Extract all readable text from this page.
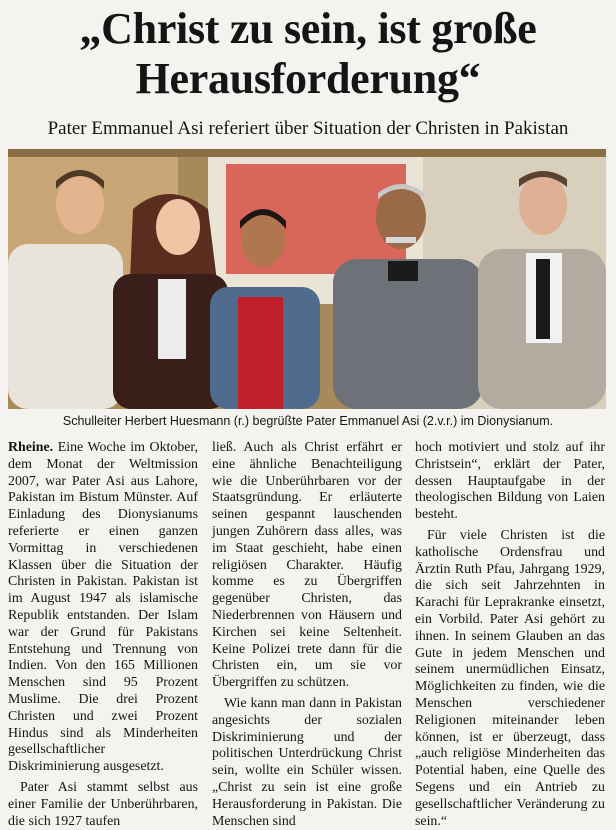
„Christ zu sein, ist große
Herausforderung“
Pater Emmanuel Asi referiert über Situation der Christen in Pakistan
Schulleiter Herbert Huesmann (r.) begrüßte Pater Emmanuel Asi (2.v.r.) im Dionysianum.

Rheine. Eine Woche im Oktober, dem Monat der Weltmission 2007, war Pater Asi aus Lahore, Pakistan im Bistum Münster. Auf Einladung des Dionysianums referierte er einen ganzen Vormittag in verschiedenen Klassen über die Situation der Christen in Pakistan. Pakistan ist im August 1947 als islamische Republik entstanden. Der Islam war der Grund für Pakistans Entstehung und Trennung von Indien. Von den 165 Millionen Menschen sind 95 Prozent Muslime. Die drei Prozent Christen und zwei Prozent Hindus sind als Minderheiten gesellschaftlicher Diskriminierung ausgesetzt.

Pater Asi stammt selbst aus einer Familie der Unberührbaren, die sich 1927 taufen

ließ. Auch als Christ erfährt er eine ähnliche Benachteiligung wie die Unberührbaren vor der Staatsgründung. Er erläuterte seinen gespannt lauschenden jungen Zuhörern dass alles, was im Staat geschieht, habe einen religiösen Charakter. Häufig komme es zu Übergriffen gegenüber Christen, das Niederbrennen von Häusern und Kirchen sei keine Seltenheit. Keine Polizei trete dann für die Christen ein, um sie vor Übergriffen zu schützen.

Wie kann man dann in Pakistan angesichts der sozialen Diskriminierung und der politischen Unterdrückung Christ sein, wollte ein Schüler wissen. „Christ zu sein ist eine große Herausforderung in Pakistan. Die Menschen sind

hoch motiviert und stolz auf ihr Christsein“, erklärt der Pater, dessen Hauptaufgabe in der theologischen Bildung von Laien besteht.

Für viele Christen ist die katholische Ordensfrau und Ärztin Ruth Pfau, Jahrgang 1929, die sich seit Jahrzehnten in Karachi für Leprakranke einsetzt, ein Vorbild. Pater Asi gehört zu ihnen. In seinem Glauben an das Gute in jedem Menschen und seinem unermüdlichen Einsatz, Möglichkeiten zu finden, wie die Menschen verschiedener Religionen miteinander leben können, ist er überzeugt, dass „auch religiöse Minderheiten das Potential haben, eine Quelle des Segens und ein Antrieb zu gesellschaftlicher Veränderung zu sein.“
